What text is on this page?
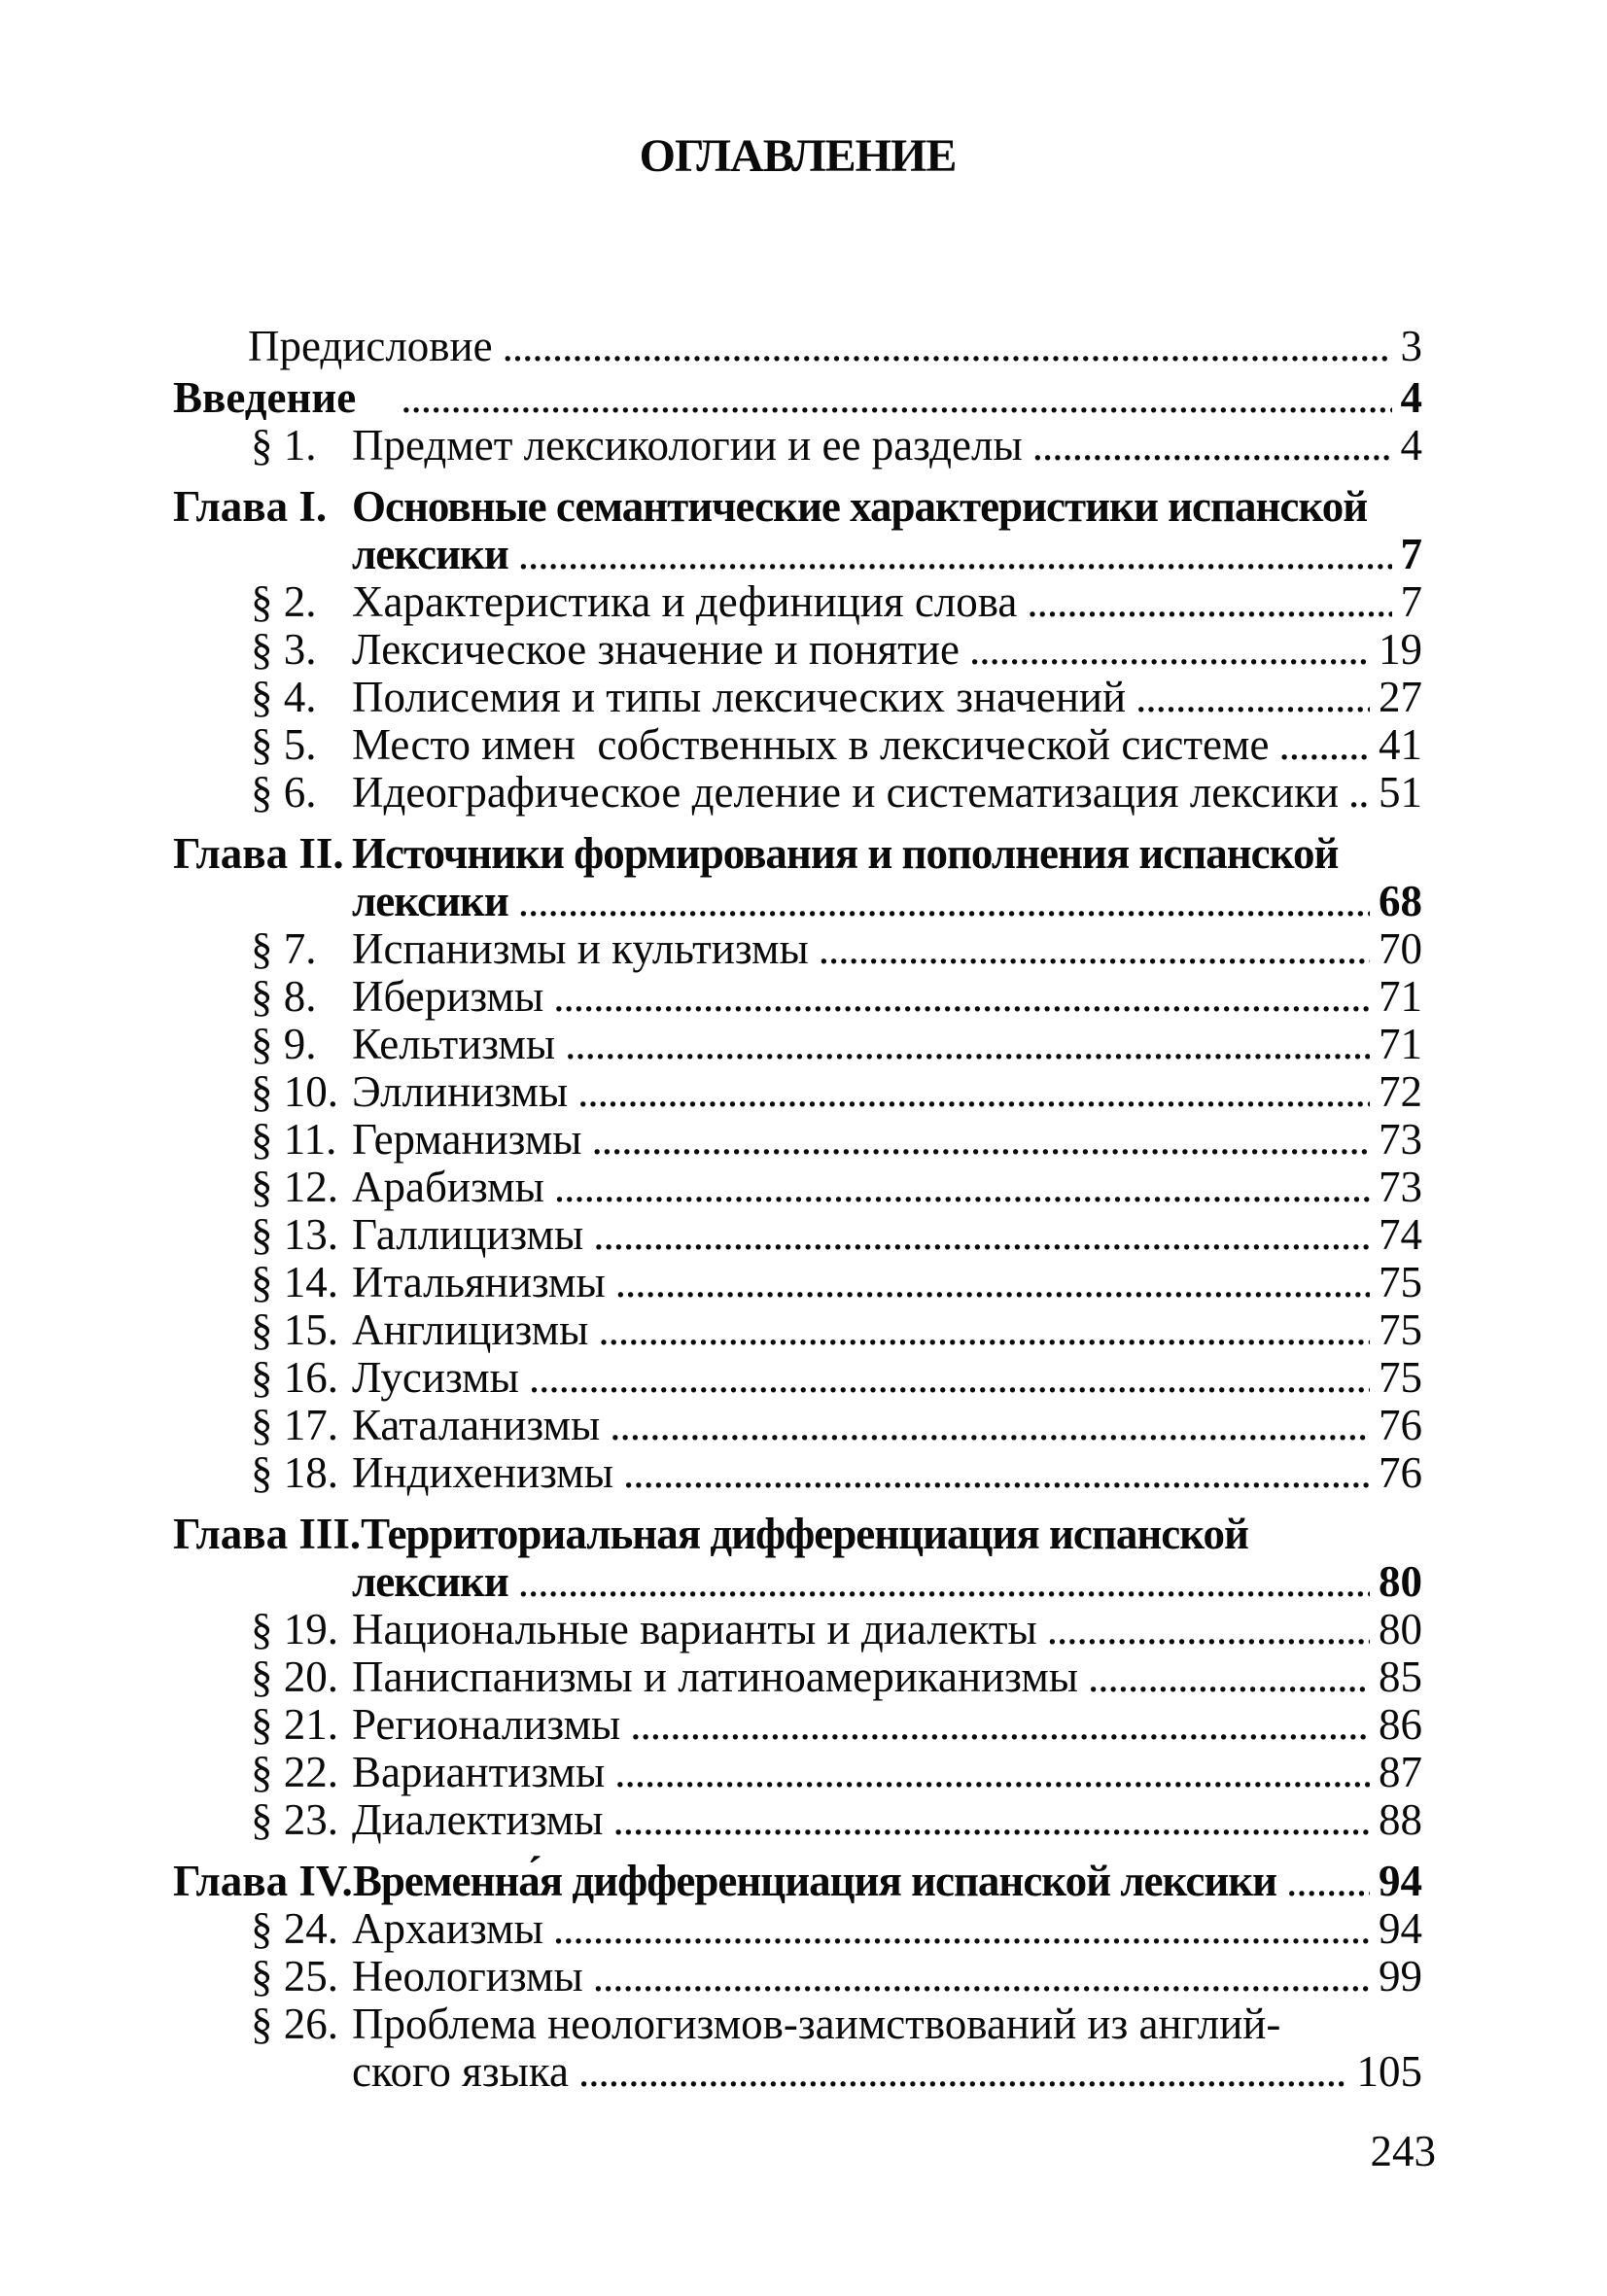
ОГЛАВЛЕНИЕ
Предисловие .....	3
Введение .....	4
§ 1. Предмет лексикологии и ее разделы .....	4
Глава I. Основные семантические характеристики испанской
лексики .....	7
§ 2. Характеристика и дефиниция слова .....	7
§ 3. Лексическое значение и понятие .....	19
§ 4. Полисемия и типы лексических значений .....	27
§ 5. Место имен  собственных в лексической системе .....	41
§ 6. Идеографическое деление и систематизация лексики ..... 51
Глава II. Источники формирования и пополнения испанской
лексики .....	68
§ 7. Испанизмы и культизмы .....	70
§ 8. Иберизмы .....	71
§ 9. Кельтизмы .....	71
§ 10. Эллинизмы .....	72
§ 11. Германизмы .....	73
§ 12. Арабизмы .....	73
§ 13. Галлицизмы .....	74
§ 14. Итальянизмы .....	75
§ 15. Англицизмы .....	75
§ 16. Лусизмы .....	75
§ 17. Каталанизмы .....	76
§ 18. Индихенизмы .....	76
Глава III. Территориальная дифференциация испанской
лексики .....	80
§ 19. Национальные варианты и диалекты .....	80
§ 20. Паниспанизмы и латиноамериканизмы .....	85
§ 21. Регионализмы .....	86
§ 22. Вариантизмы .....	87
§ 23. Диалектизмы .....	88
Глава IV. Временна́я дифференциация испанской лексики ..... 94
§ 24. Архаизмы .....	94
§ 25. Неологизмы .....	99
§ 26. Проблема неологизмов-заимствований из англий-
ского языка .....	105
243
